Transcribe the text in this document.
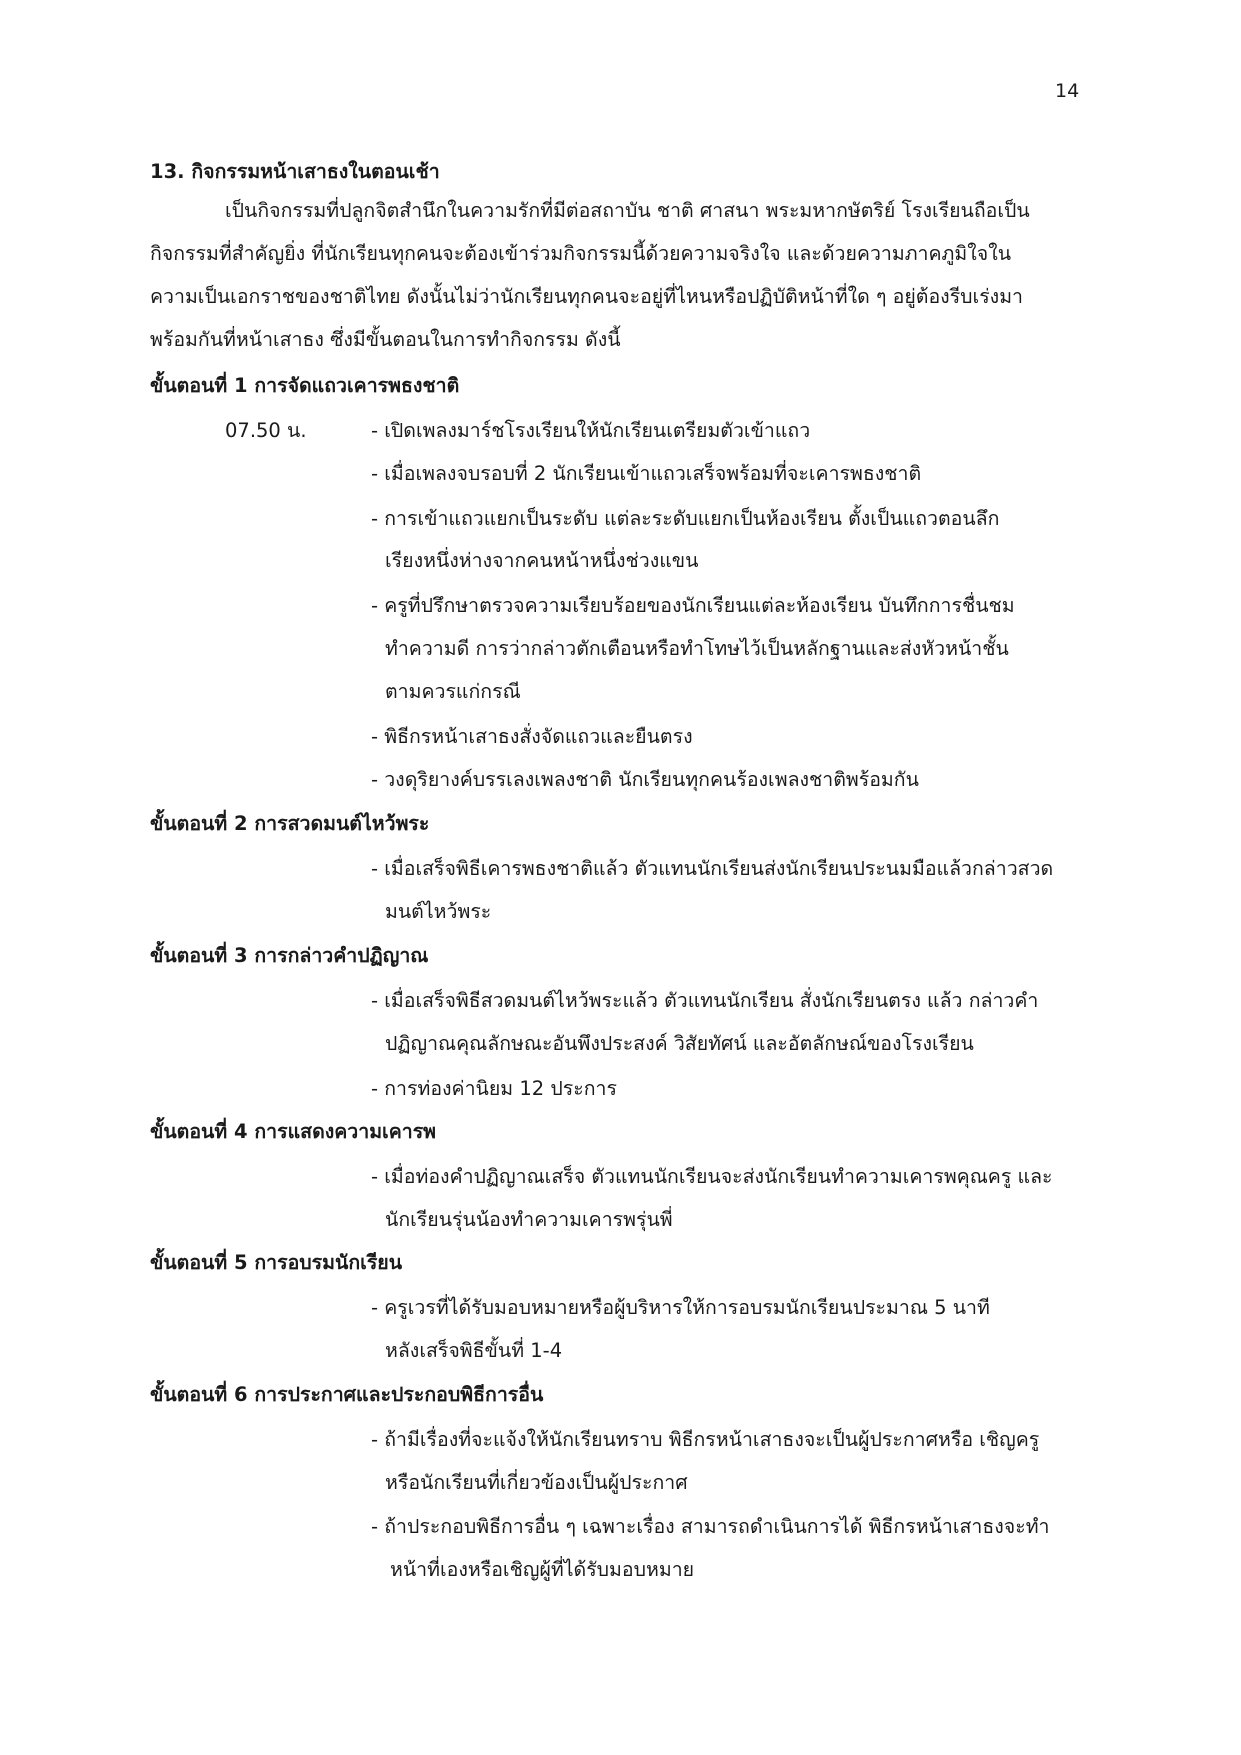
14
13. กิจกรรมหน้าเสาธงในตอนเช้า
เป็นกิจกรรมที่ปลูกจิตสำนึกในความรักที่มีต่อสถาบัน ชาติ ศาสนา พระมหากษัตริย์ โรงเรียนถือเป็น
กิจกรรมที่สำคัญยิ่ง ที่นักเรียนทุกคนจะต้องเข้าร่วมกิจกรรมนี้ด้วยความจริงใจ และด้วยความภาคภูมิใจใน
ความเป็นเอกราชของชาติไทย ดังนั้นไม่ว่านักเรียนทุกคนจะอยู่ที่ไหนหรือปฏิบัติหน้าที่ใด ๆ อยู่ต้องรีบเร่งมา
พร้อมกันที่หน้าเสาธง ซึ่งมีขั้นตอนในการทำกิจกรรม ดังนี้
ขั้นตอนที่ 1 การจัดแถวเคารพธงชาติ
07.50 น.	- เปิดเพลงมาร์ชโรงเรียนให้นักเรียนเตรียมตัวเข้าแถว
- เมื่อเพลงจบรอบที่ 2 นักเรียนเข้าแถวเสร็จพร้อมที่จะเคารพธงชาติ
- การเข้าแถวแยกเป็นระดับ แต่ละระดับแยกเป็นห้องเรียน ตั้งเป็นแถวตอนลึก
เรียงหนึ่งห่างจากคนหน้าหนึ่งช่วงแขน
- ครูที่ปรึกษาตรวจความเรียบร้อยของนักเรียนแต่ละห้องเรียน บันทึกการชื่นชม
ทำความดี การว่ากล่าวตักเตือนหรือทำโทษไว้เป็นหลักฐานและส่งหัวหน้าชั้น
ตามควรแก่กรณี
- พิธีกรหน้าเสาธงสั่งจัดแถวและยืนตรง
- วงดุริยางค์บรรเลงเพลงชาติ นักเรียนทุกคนร้องเพลงชาติพร้อมกัน
ขั้นตอนที่ 2 การสวดมนต์ไหว้พระ
- เมื่อเสร็จพิธีเคารพธงชาติแล้ว ตัวแทนนักเรียนส่งนักเรียนประนมมือแล้วกล่าวสวด
มนต์ไหว้พระ
ขั้นตอนที่ 3 การกล่าวคำปฏิญาณ
- เมื่อเสร็จพิธีสวดมนต์ไหว้พระแล้ว ตัวแทนนักเรียน สั่งนักเรียนตรง แล้ว กล่าวคำ
ปฏิญาณคุณลักษณะอันพึงประสงค์ วิสัยทัศน์ และอัตลักษณ์ของโรงเรียน
- การท่องค่านิยม 12 ประการ
ขั้นตอนที่ 4 การแสดงความเคารพ
- เมื่อท่องคำปฏิญาณเสร็จ ตัวแทนนักเรียนจะส่งนักเรียนทำความเคารพคุณครู และ
นักเรียนรุ่นน้องทำความเคารพรุ่นพี่
ขั้นตอนที่ 5 การอบรมนักเรียน
- ครูเวรที่ได้รับมอบหมายหรือผู้บริหารให้การอบรมนักเรียนประมาณ 5 นาที
หลังเสร็จพิธีขั้นที่ 1-4
ขั้นตอนที่ 6 การประกาศและประกอบพิธีการอื่น
- ถ้ามีเรื่องที่จะแจ้งให้นักเรียนทราบ พิธีกรหน้าเสาธงจะเป็นผู้ประกาศหรือ เชิญครู
หรือนักเรียนที่เกี่ยวข้องเป็นผู้ประกาศ
- ถ้าประกอบพิธีการอื่น ๆ เฉพาะเรื่อง สามารถดำเนินการได้ พิธีกรหน้าเสาธงจะทำ
หน้าที่เองหรือเชิญผู้ที่ได้รับมอบหมาย
